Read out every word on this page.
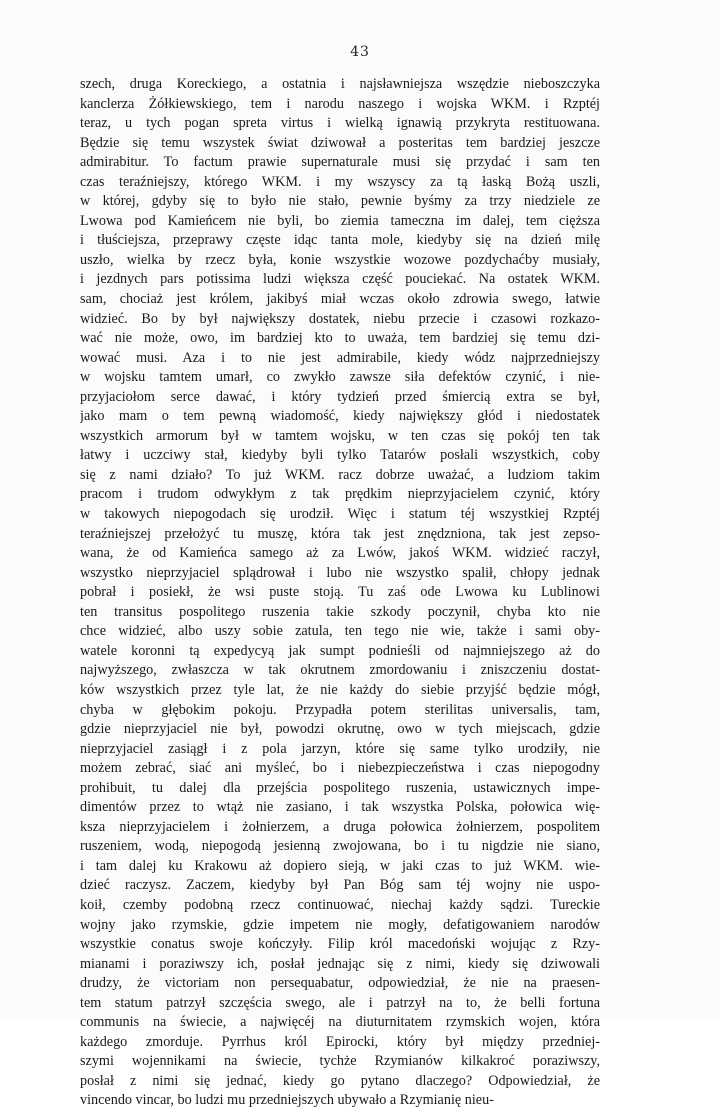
43
szech, druga Koreckiego, a ostatnia i najsławniejsza wszędzie nieboszczyka
kanclerza Żółkiewskiego, tem i narodu naszego i wojska WKM. i Rzptéj
teraz, u tych pogan spreta virtus i wielką ignawią przykryta restituowana.
Będzie się temu wszystek świat dziwował a posteritas tem bardziej jeszcze
admirabitur. To factum prawie supernaturale musi się przydać i sam ten
czas teraźniejszy, którego WKM. i my wszyscy za tą łaską Bożą uszli,
w której, gdyby się to było nie stało, pewnie byśmy za trzy niedziele ze
Lwowa pod Kamieńcem nie byli, bo ziemia tameczna im dalej, tem cięższa
i tłuściejsza, przeprawy częste idąc tanta mole, kiedyby się na dzień milę
uszło, wielka by rzecz była, konie wszystkie wozowe pozdychaćby musiały,
i jezdnych pars potissima ludzi większa część pouciekać. Na ostatek WKM.
sam, chociaż jest królem, jakibyś miał wczas około zdrowia swego, łatwie
widzieć. Bo by był największy dostatek, niebu przecie i czasowi rozkazo-
wać nie może, owo, im bardziej kto to uważa, tem bardziej się temu dzi-
wować musi. Aza i to nie jest admirabile, kiedy wódz najprzedniejszy
w wojsku tamtem umarł, co zwykło zawsze siła defektów czynić, i nie-
przyjaciołom serce dawać, i który tydzień przed śmiercią extra se był,
jako mam o tem pewną wiadomość, kiedy największy głód i niedostatek
wszystkich armorum był w tamtem wojsku, w ten czas się pokój ten tak
łatwy i uczciwy stał, kiedyby byli tylko Tatarów posłali wszystkich, coby
się z nami działo? To już WKM. racz dobrze uważać, a ludziom takim
pracom i trudom odwykłym z tak prędkim nieprzyjacielem czynić, który
w takowych niepogodach się urodził. Więc i statum téj wszystkiej Rzptéj
teraźniejszej przełożyć tu muszę, która tak jest znędzniona, tak jest zepso-
wana, że od Kamieńca samego aż za Lwów, jakoś WKM. widzieć raczył,
wszystko nieprzyjaciel splądrował i lubo nie wszystko spalił, chłopy jednak
pobrał i posiekł, że wsi puste stoją. Tu zaś ode Lwowa ku Lublinowi
ten transitus pospolitego ruszenia takie szkody poczynił, chyba kto nie
chce widzieć, albo uszy sobie zatula, ten tego nie wie, także i sami oby-
watele koronni tą expedycyą jak sumpt podnieśli od najmniejszego aż do
najwyższego, zwłaszcza w tak okrutnem zmordowaniu i zniszczeniu dostat-
ków wszystkich przez tyle lat, że nie każdy do siebie przyjść będzie mógł,
chyba w głębokim pokoju. Przypadła potem sterilitas universalis, tam,
gdzie nieprzyjaciel nie był, powodzi okrutnę, owo w tych miejscach, gdzie
nieprzyjaciel zasiągł i z pola jarzyn, które się same tylko urodziły, nie
możem zebrać, siać ani myśleć, bo i niebezpieczeństwa i czas niepogodny
prohibuit, tu dalej dla przejścia pospolitego ruszenia, ustawicznych impe-
dimentów przez to wtąż nie zasiano, i tak wszystka Polska, połowica wię-
ksza nieprzyjacielem i żołnierzem, a druga połowica żołnierzem, pospolitem
ruszeniem, wodą, niepogodą jesienną zwojowana, bo i tu nigdzie nie siano,
i tam dalej ku Krakowu aż dopiero sieją, w jaki czas to już WKM. wie-
dzieć raczysz. Zaczem, kiedyby był Pan Bóg sam téj wojny nie uspo-
koił, czemby podobną rzecz continuować, niechaj każdy sądzi. Tureckie
wojny jako rzymskie, gdzie impetem nie mogły, defatigowaniem narodów
wszystkie conatus swoje kończyły. Filip król macedoński wojując z Rzy-
mianami i poraziwszy ich, posłał jednając się z nimi, kiedy się dziwowali
drudzy, że victoriam non persequabatur, odpowiedział, że nie na praesen-
tem statum patrzył szczęścia swego, ale i patrzył na to, że belli fortuna
communis na świecie, a najwięcéj na diuturnitatem rzymskich wojen, która
każdego zmorduje. Pyrrhus król Epirocki, który był między przedniej-
szymi wojennikami na świecie, tychże Rzymianów kilkakroć poraziwszy,
posłał z nimi się jednać, kiedy go pytano dlaczego? Odpowiedział, że
vincendo vincar, bo ludzi mu przedniejszych ubywało a Rzymianię nieu-
